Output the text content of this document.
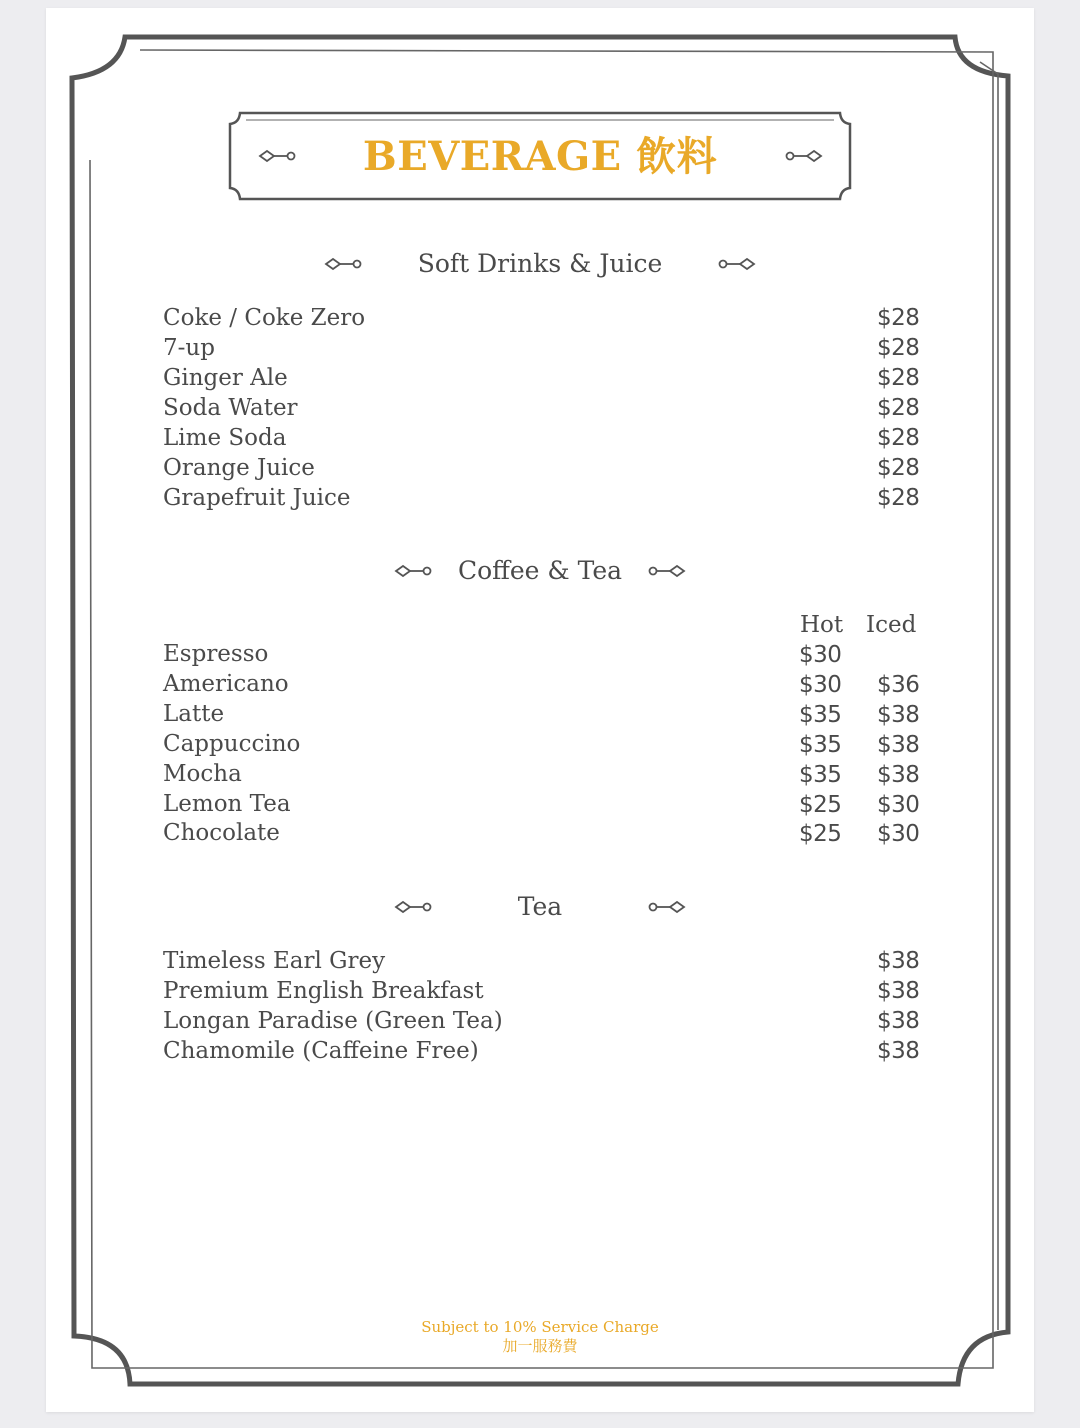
BEVERAGE 飲料
Soft Drinks & Juice
Coke / Coke Zero
7-up
Ginger Ale
Soda Water
Lime Soda
Orange Juice
Grapefruit Juice
$28
$28
$28
$28
$28
$28
$28
Coffee & Tea
Hot Iced
Espresso
Americano
Latte
Cappuccino
Mocha
Lemon Tea
Chocolate
$30
$30
$35
$35
$35
$25
$25
$36
$38
$38
$38
$30
$30
Tea
Timeless Earl Grey
Premium English Breakfast
Longan Paradise (Green Tea)
Chamomile (Caffeine Free)
$38
$38
$38
$38
Subject to 10% Service Charge
加一服務費
